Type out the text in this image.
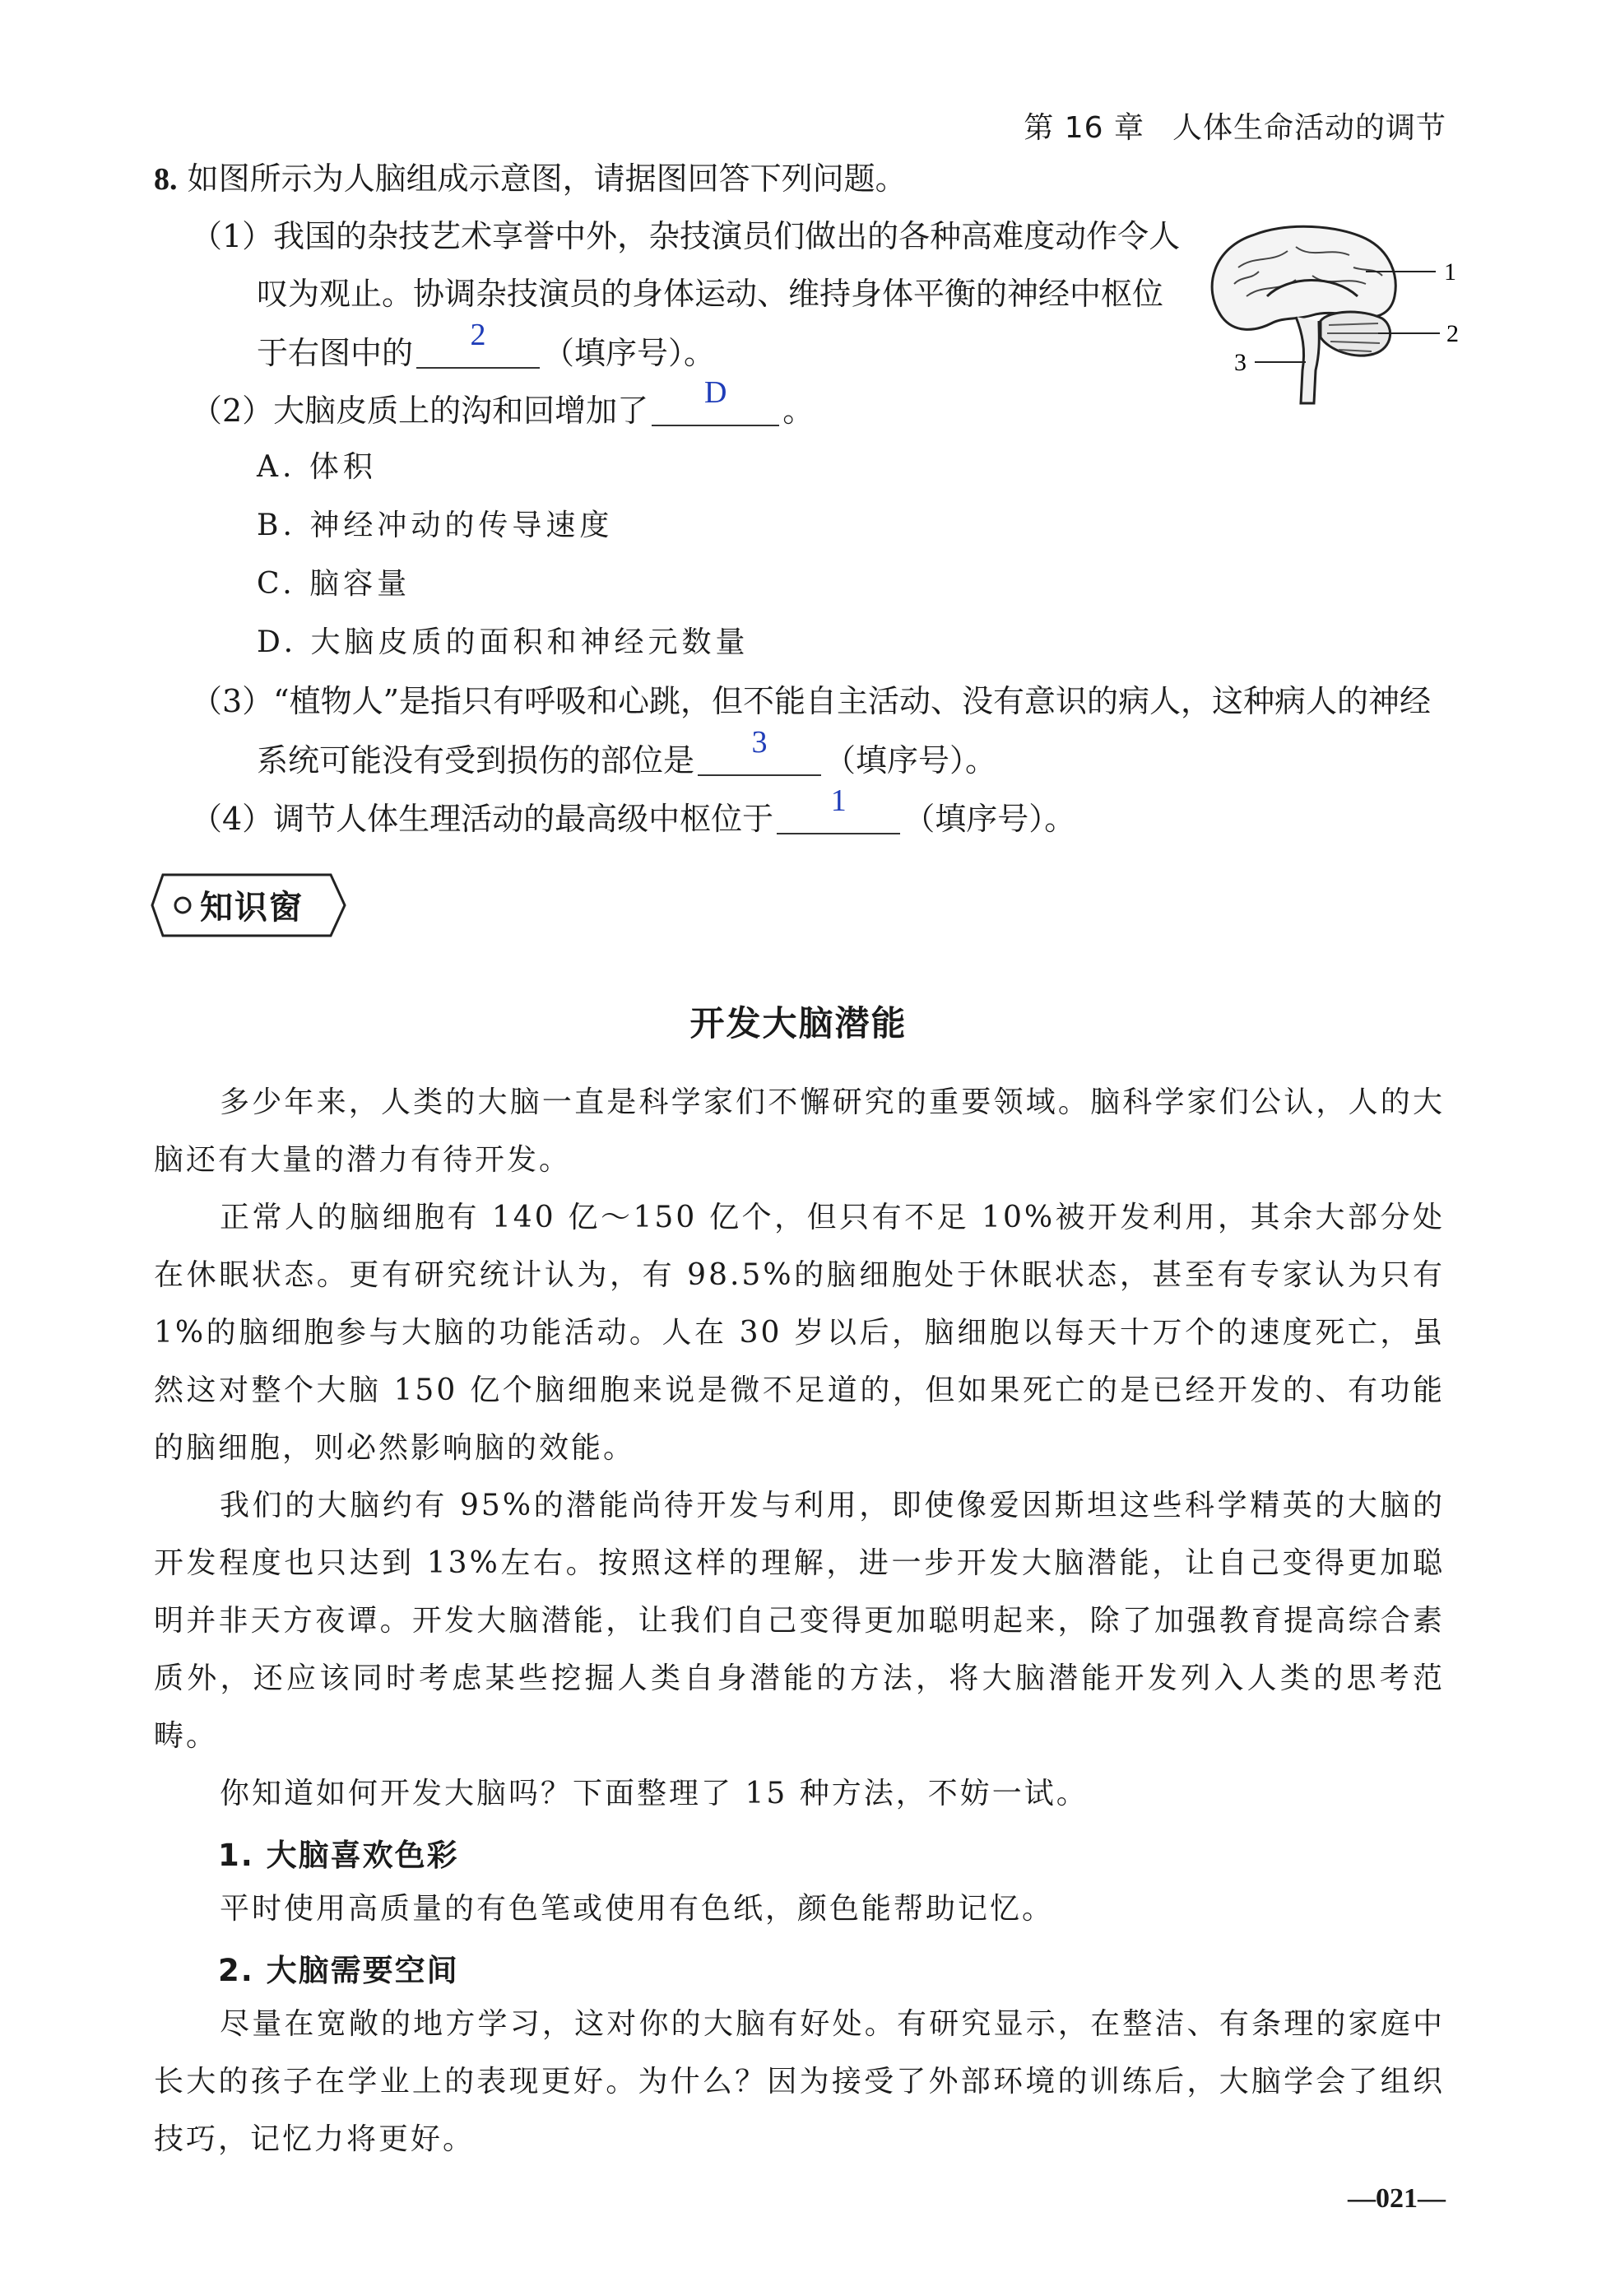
第 16 章 人体生命活动的调节
8. 如图所示为人脑组成示意图，请据图回答下列问题。
（1）我国的杂技艺术享誉中外，杂技演员们做出的各种高难度动作令人
叹为观止。协调杂技演员的身体运动、维持身体平衡的神经中枢位
于右图中的	2	（填序号）。
（2）大脑皮质上的沟和回增加了	D	。
A. 体积
B. 神经冲动的传导速度
C. 脑容量
D. 大脑皮质的面积和神经元数量
（3）“植物人”是指只有呼吸和心跳，但不能自主活动、没有意识的病人，这种病人的神经
系统可能没有受到损伤的部位是	3	（填序号）。
（4）调节人体生理活动的最高级中枢位于	1	（填序号）。
1
2
3
知识窗
开发大脑潜能
多少年来，人类的大脑一直是科学家们不懈研究的重要领域。脑科学家们公认，人的大脑还有大量的潜力有待开发。
正常人的脑细胞有 140 亿～150 亿个，但只有不足 10%被开发利用，其余大部分处在休眠状态。更有研究统计认为，有 98.5%的脑细胞处于休眠状态，甚至有专家认为只有 1%的脑细胞参与大脑的功能活动。人在 30 岁以后，脑细胞以每天十万个的速度死亡，虽然这对整个大脑 150 亿个脑细胞来说是微不足道的，但如果死亡的是已经开发的、有功能的脑细胞，则必然影响脑的效能。
我们的大脑约有 95%的潜能尚待开发与利用，即使像爱因斯坦这些科学精英的大脑的开发程度也只达到 13%左右。按照这样的理解，进一步开发大脑潜能，让自己变得更加聪明并非天方夜谭。开发大脑潜能，让我们自己变得更加聪明起来，除了加强教育提高综合素质外，还应该同时考虑某些挖掘人类自身潜能的方法，将大脑潜能开发列入人类的思考范畴。
你知道如何开发大脑吗？下面整理了 15 种方法，不妨一试。
1. 大脑喜欢色彩
平时使用高质量的有色笔或使用有色纸，颜色能帮助记忆。
2. 大脑需要空间
尽量在宽敞的地方学习，这对你的大脑有好处。有研究显示，在整洁、有条理的家庭中长大的孩子在学业上的表现更好。为什么？因为接受了外部环境的训练后，大脑学会了组织技巧，记忆力将更好。
—021—
